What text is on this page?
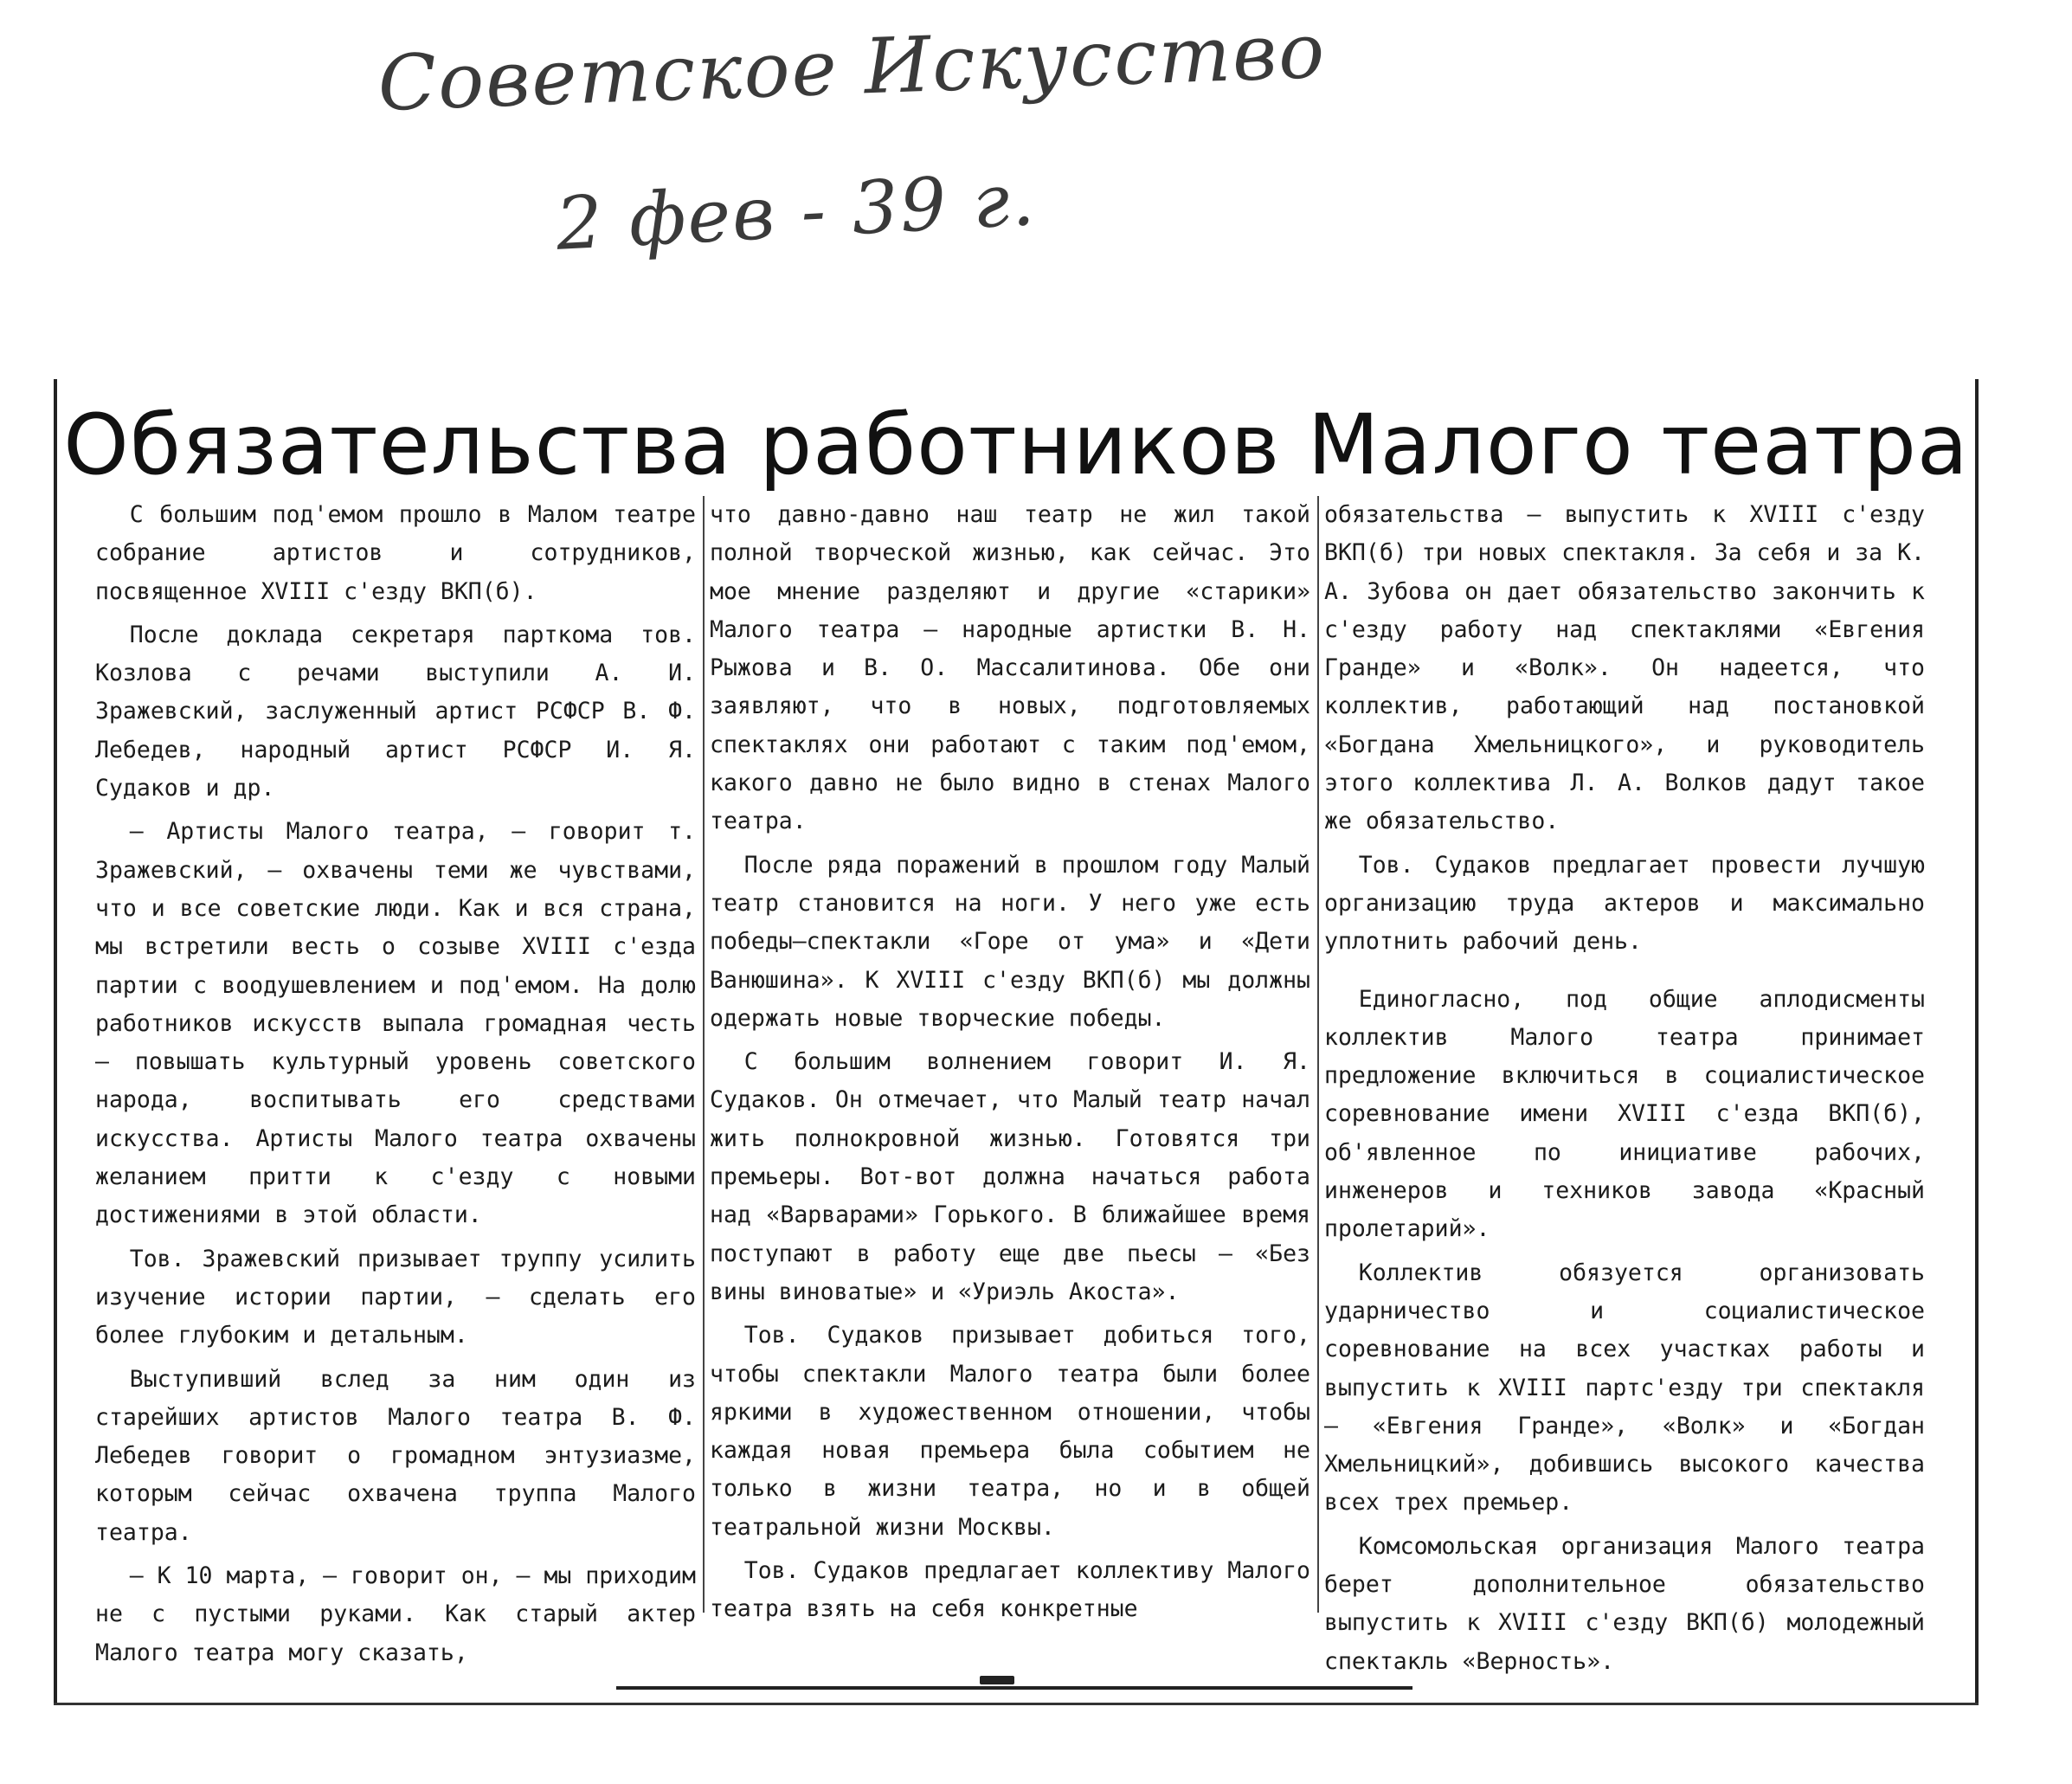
Советское Искусство
2 фев - 39 г.
Обязательства работников Малого театра

С большим под'емом прошло в Малом театре собрание артистов и сотрудников, посвященное XVIII с'езду ВКП(б).

После доклада секретаря парткома тов. Козлова с речами выступили А. И. Зражевский, заслуженный артист РСФСР В. Ф. Лебедев, народный артист РСФСР И. Я. Судаков и др.

— Артисты Малого театра, — говорит т. Зражевский, — охвачены теми же чувствами, что и все советские люди. Как и вся страна, мы встретили весть о созыве XVIII с'езда партии с воодушевлением и под'емом. На долю работников искусств выпала громадная честь — повышать культурный уровень советского народа, воспитывать его средствами искусства. Артисты Малого театра охвачены желанием притти к с'езду с новыми достижениями в этой области.

Тов. Зражевский призывает труппу усилить изучение истории партии, — сделать его более глубоким и детальным.

Выступивший вслед за ним один из старейших артистов Малого театра В. Ф. Лебедев говорит о громадном энтузиазме, которым сейчас охвачена труппа Малого театра.

— К 10 марта, — говорит он, — мы приходим не с пустыми руками. Как старый актер Малого театра могу сказать,

что давно-давно наш театр не жил такой полной творческой жизнью, как сейчас. Это мое мнение разделяют и другие «старики» Малого театра — народные артистки В. Н. Рыжова и В. О. Массалитинова. Обе они заявляют, что в новых, подготовляемых спектаклях они работают с таким под'емом, какого давно не было видно в стенах Малого театра.

После ряда поражений в прошлом году Малый театр становится на ноги. У него уже есть победы—спектакли «Горе от ума» и «Дети Ванюшина». К XVIII с'езду ВКП(б) мы должны одержать новые творческие победы.

С большим волнением говорит И. Я. Судаков. Он отмечает, что Малый театр начал жить полнокровной жизнью. Готовятся три премьеры. Вот-вот должна начаться работа над «Варварами» Горького. В ближайшее время поступают в работу еще две пьесы — «Без вины виноватые» и «Уриэль Акоста».

Тов. Судаков призывает добиться того, чтобы спектакли Малого театра были более яркими в художественном отношении, чтобы каждая новая премьера была событием не только в жизни театра, но и в общей театральной жизни Москвы.

Тов. Судаков предлагает коллективу Малого театра взять на себя конкретные

обязательства — выпустить к XVIII с'езду ВКП(б) три новых спектакля. За себя и за К. А. Зубова он дает обязательство закончить к с'езду работу над спектаклями «Евгения Гранде» и «Волк». Он надеется, что коллектив, работающий над постановкой «Богдана Хмельницкого», и руководитель этого коллектива Л. А. Волков дадут такое же обязательство.

Тов. Судаков предлагает провести лучшую организацию труда актеров и максимально уплотнить рабочий день.

Единогласно, под общие аплодисменты коллектив Малого театра принимает предложение включиться в социалистическое соревнование имени XVIII с'езда ВКП(б), об'явленное по инициативе рабочих, инженеров и техников завода «Красный пролетарий».

Коллектив обязуется организовать ударничество и социалистическое соревнование на всех участках работы и выпустить к XVIII партс'езду три спектакля — «Евгения Гранде», «Волк» и «Богдан Хмельницкий», добившись высокого качества всех трех премьер.

Комсомольская организация Малого театра берет дополнительное обязательство выпустить к XVIII с'езду ВКП(б) молодежный спектакль «Верность».
